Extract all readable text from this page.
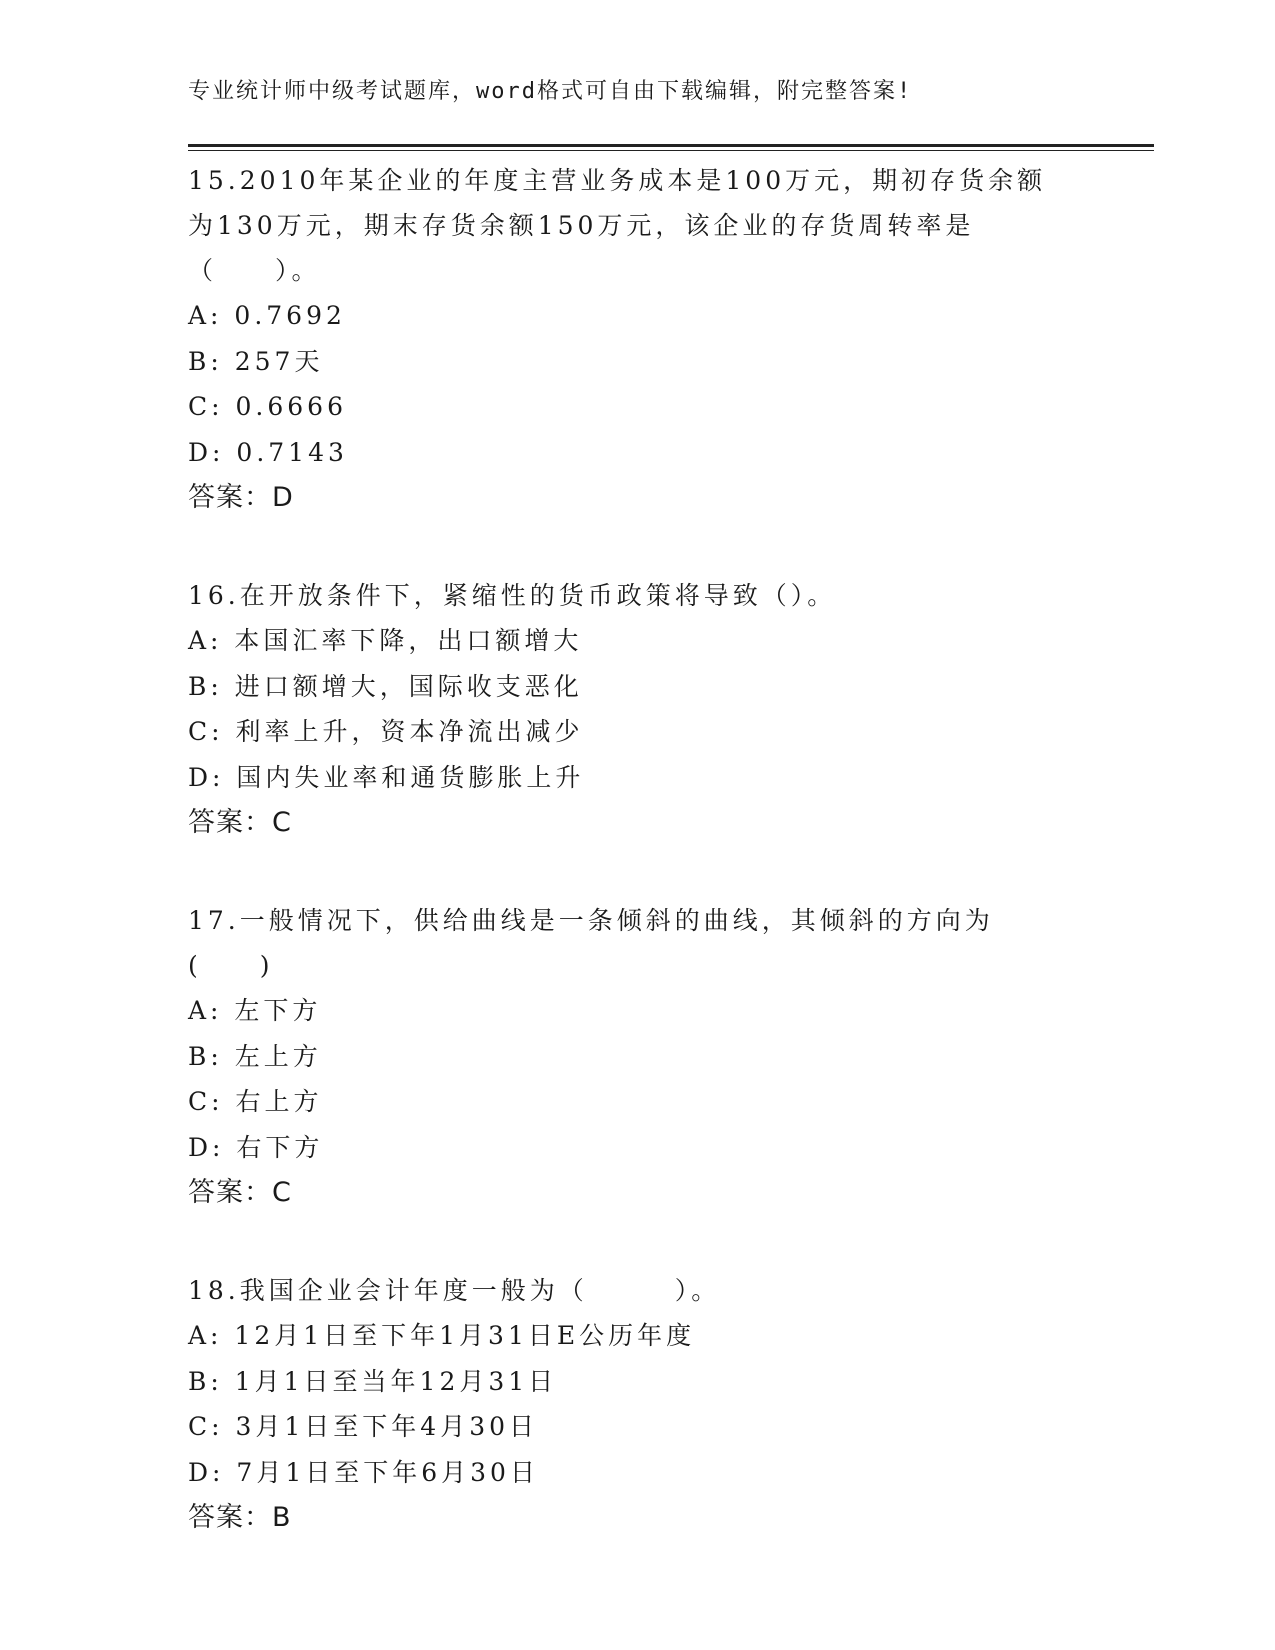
专业统计师中级考试题库，word格式可自由下载编辑，附完整答案!
15.2010年某企业的年度主营业务成本是100万元，期初存货余额为130万元，期末存货余额150万元，该企业的存货周转率是（　　）。
A: 0.7692
B: 257天
C: 0.6666
D: 0.7143
答案：D
16.在开放条件下，紧缩性的货币政策将导致（）。
A: 本国汇率下降，出口额增大
B: 进口额增大，国际收支恶化
C: 利率上升，资本净流出减少
D: 国内失业率和通货膨胀上升
答案：C
17.一般情况下，供给曲线是一条倾斜的曲线，其倾斜的方向为(　　)
A: 左下方
B: 左上方
C: 右上方
D: 右下方
答案：C
18.我国企业会计年度一般为（　　　）。
A: 12月1日至下年1月31日E公历年度
B: 1月1日至当年12月31日
C: 3月1日至下年4月30日
D: 7月1日至下年6月30日
答案：B
